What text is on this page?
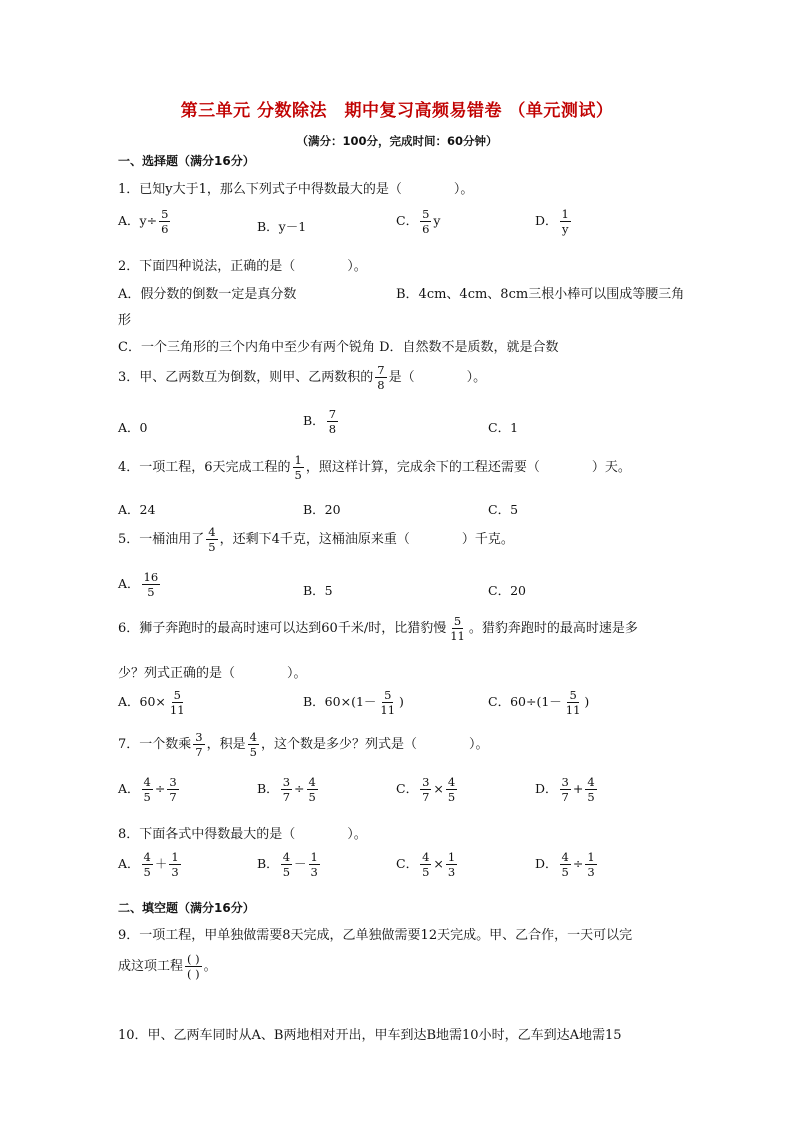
第三单元 分数除法　期中复习高频易错卷 （单元测试）
（满分：100分，完成时间：60分钟）
一、选择题（满分16分）
1．已知y大于1，那么下列式子中得数最大的是（　　　　）。
A．$y\div \frac{5}{6}$	B．y－1	C． $\frac{5}{6}$ y	D． $\frac{1}{y}$
2．下面四种说法，正确的是（　　　　）。
A．假分数的倒数一定是真分数	B．4cm、4cm、8cm三根小棒可以围成等腰三角
形
C．一个三角形的三个内角中至少有两个锐角 D．自然数不是质数，就是合数
3．甲、乙两数互为倒数，则甲、乙两数积的 $\frac{7}{8}$ 是（　　　　）。
A．0	B． $\frac{7}{8}$	C．1
4．一项工程，6天完成工程的 $\frac{1}{5}$ ，照这样计算，完成余下的工程还需要（　　　　）天。
A．24	B．20	C．5
5．一桶油用了 $\frac{4}{5}$ ，还剩下4千克，这桶油原来重（　　　　）千克。
A． $\frac{16}{5}$	B．5	C．20
6．狮子奔跑时的最高时速可以达到60千米/时，比猎豹慢 $\frac{5}{11}$ 。猎豹奔跑时的最高时速是多
少？列式正确的是（　　　　）。
A．$60\times \frac{5}{11}$	B．$60\times(1- \frac{5}{11}$ )	C．$60\div(1- \frac{5}{11}$ )
7．一个数乘 $\frac{3}{7}$ ，积是 $\frac{4}{5}$ ，这个数是多少？列式是（　　　　）。
A． $\frac{4}{5} \div \frac{3}{7}$	B． $\frac{3}{7} \div \frac{4}{5}$	C． $\frac{3}{7} \times \frac{4}{5}$	D． $\frac{3}{7} + \frac{4}{5}$
8．下面各式中得数最大的是（　　　　）。
A． $\frac{4}{5} + \frac{1}{3}$	B． $\frac{4}{5} - \frac{1}{3}$	C． $\frac{4}{5} \times \frac{1}{3}$	D． $\frac{4}{5} \div \frac{1}{3}$
二、填空题（满分16分）
9．一项工程，甲单独做需要8天完成，乙单独做需要12天完成。甲、乙合作，一天可以完
成这项工程 $\frac{( )}{( )}$ 。
10．甲、乙两车同时从A、B两地相对开出，甲车到达B地需10小时，乙车到达A地需15
